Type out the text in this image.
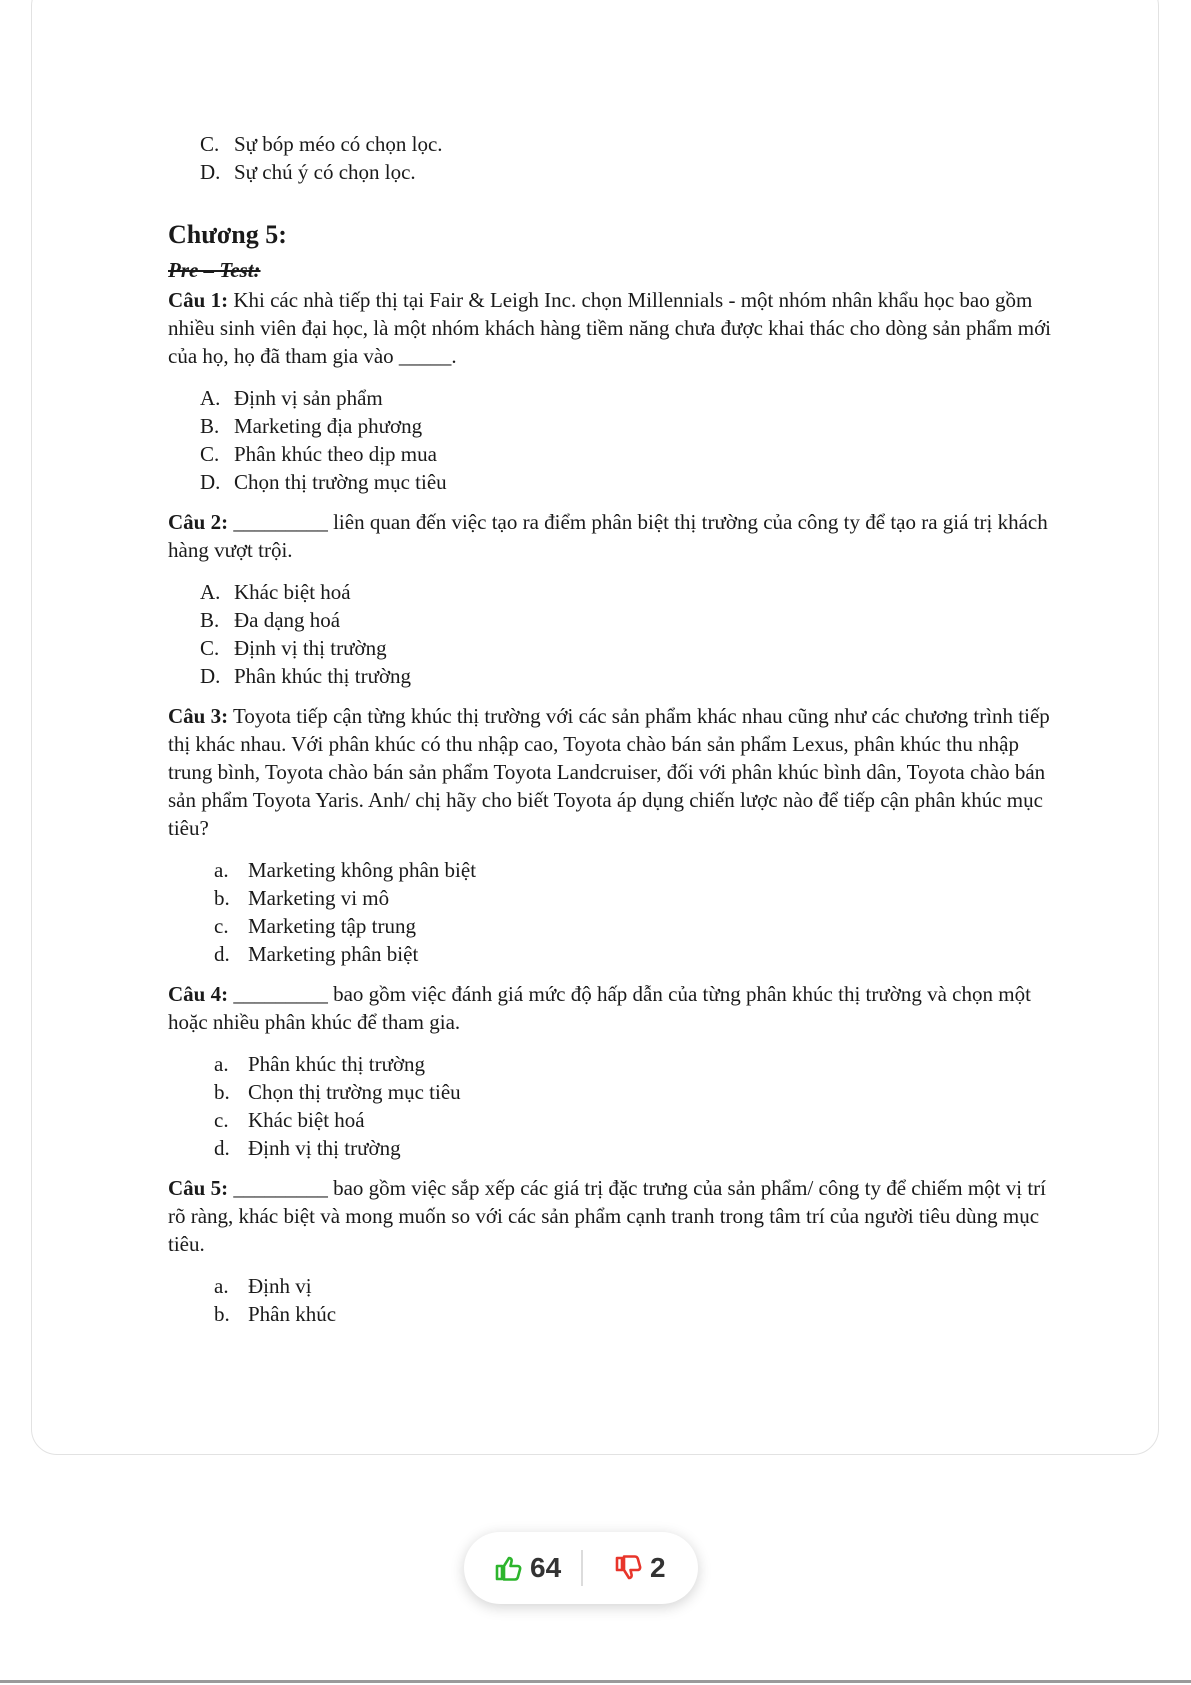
C. Sự bóp méo có chọn lọc.
D. Sự chú ý có chọn lọc.
Chương 5:
Pre – Test:
Câu 1: Khi các nhà tiếp thị tại Fair & Leigh Inc. chọn Millennials - một nhóm nhân khẩu học bao gồm nhiều sinh viên đại học, là một nhóm khách hàng tiềm năng chưa được khai thác cho dòng sản phẩm mới của họ, họ đã tham gia vào _____.
A. Định vị sản phẩm
B. Marketing địa phương
C. Phân khúc theo dịp mua
D. Chọn thị trường mục tiêu
Câu 2: _________ liên quan đến việc tạo ra điểm phân biệt thị trường của công ty để tạo ra giá trị khách hàng vượt trội.
A. Khác biệt hoá
B. Đa dạng hoá
C. Định vị thị trường
D. Phân khúc thị trường
Câu 3: Toyota tiếp cận từng khúc thị trường với các sản phẩm khác nhau cũng như các chương trình tiếp thị khác nhau. Với phân khúc có thu nhập cao, Toyota chào bán sản phẩm Lexus, phân khúc thu nhập trung bình, Toyota chào bán sản phẩm Toyota Landcruiser, đối với phân khúc bình dân, Toyota chào bán sản phẩm Toyota Yaris. Anh/ chị hãy cho biết Toyota áp dụng chiến lược nào để tiếp cận phân khúc mục tiêu?
a. Marketing không phân biệt
b. Marketing vi mô
c. Marketing tập trung
d. Marketing phân biệt
Câu 4: _________ bao gồm việc đánh giá mức độ hấp dẫn của từng phân khúc thị trường và chọn một hoặc nhiều phân khúc để tham gia.
a. Phân khúc thị trường
b. Chọn thị trường mục tiêu
c. Khác biệt hoá
d. Định vị thị trường
Câu 5: _________ bao gồm việc sắp xếp các giá trị đặc trưng của sản phẩm/ công ty để chiếm một vị trí rõ ràng, khác biệt và mong muốn so với các sản phẩm cạnh tranh trong tâm trí của người tiêu dùng mục tiêu.
a. Định vị
b. Phân khúc
64	2
